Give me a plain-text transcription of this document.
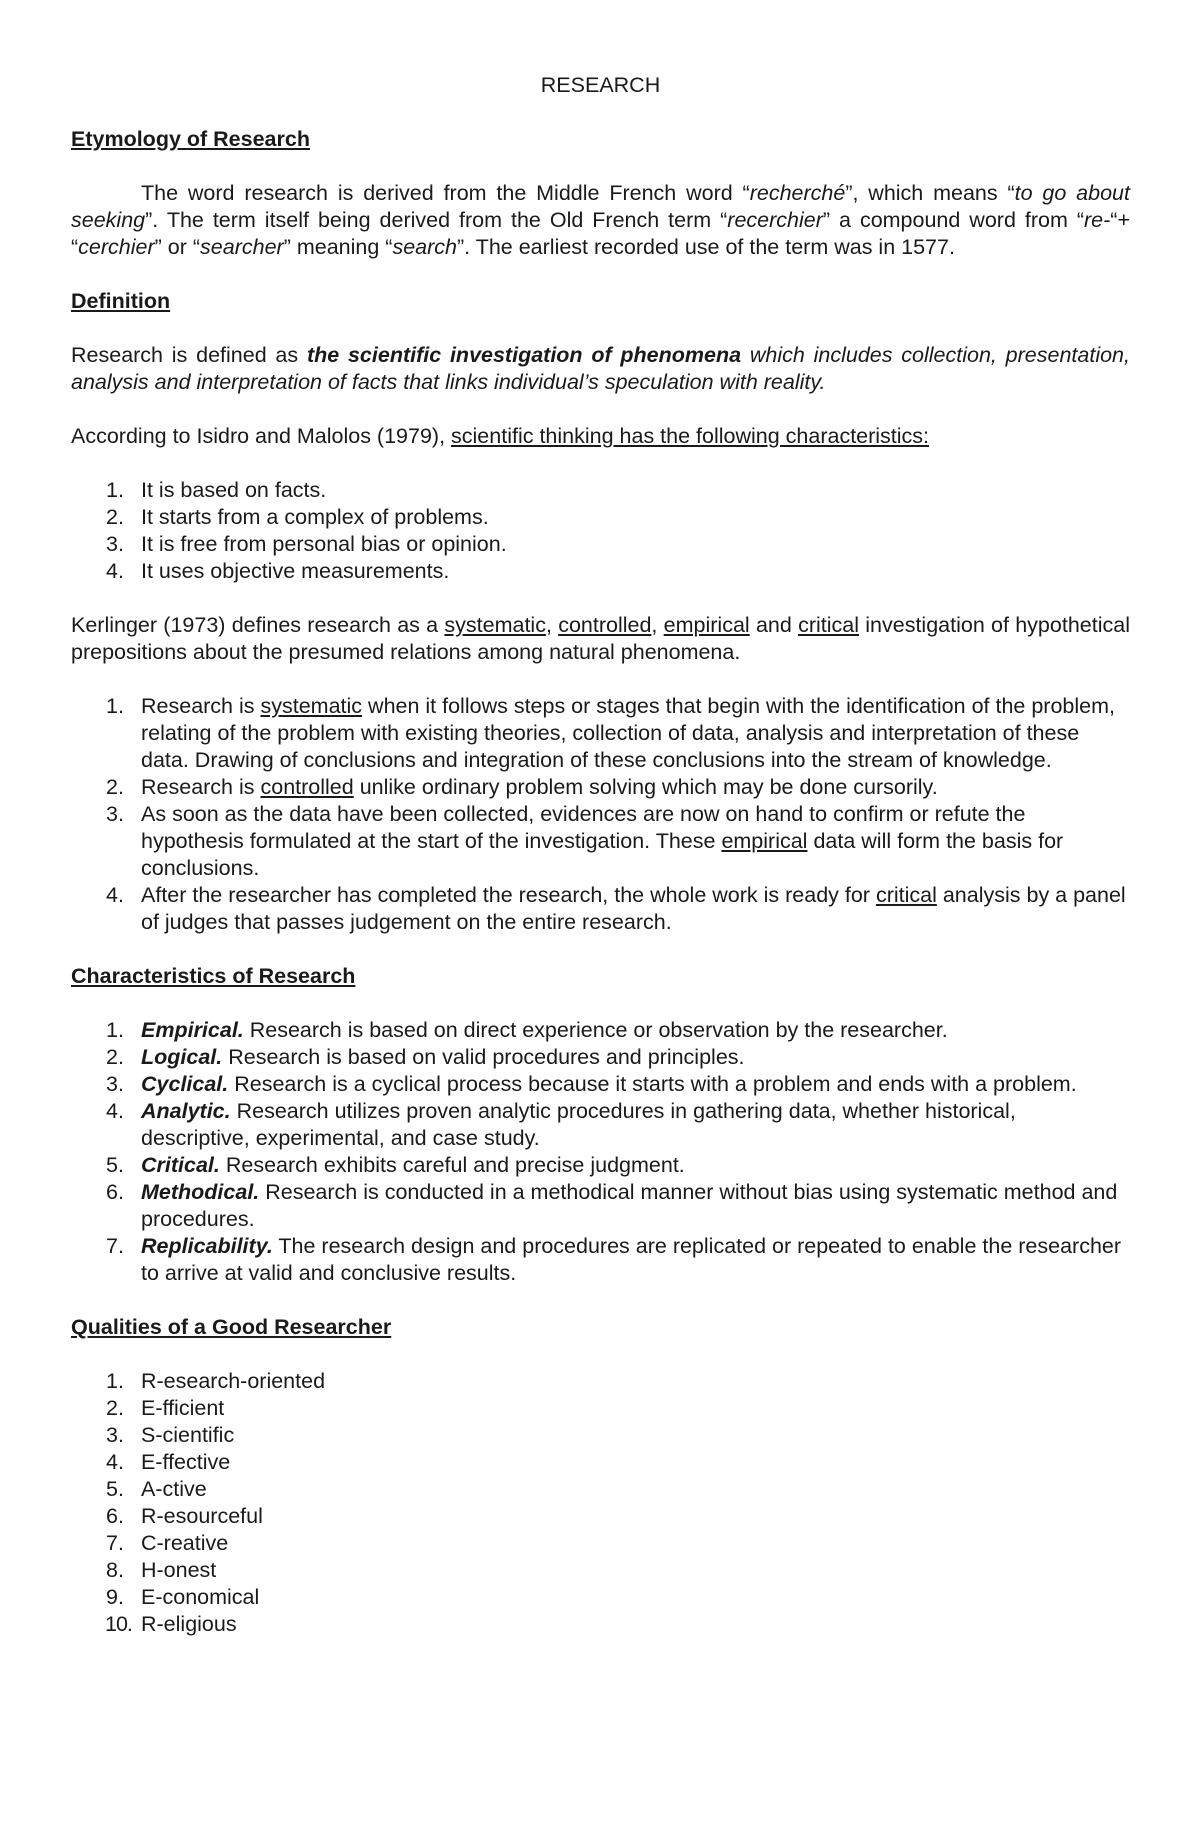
RESEARCH
Etymology of Research

The word research is derived from the Middle French word “recherché”, which means “to go about seeking”. The term itself being derived from the Old French term “recerchier” a compound word from “re-“+ “cerchier” or “searcher” meaning “search”. The earliest recorded use of the term was in 1577.

Definition

Research is defined as the scientific investigation of phenomena which includes collection, presentation, analysis and interpretation of facts that links individual’s speculation with reality.

According to Isidro and Malolos (1979), scientific thinking has the following characteristics:

1. It is based on facts.
2. It starts from a complex of problems.
3. It is free from personal bias or opinion.
4. It uses objective measurements.

Kerlinger (1973) defines research as a systematic, controlled, empirical and critical investigation of hypothetical prepositions about the presumed relations among natural phenomena.

1. Research is systematic when it follows steps or stages that begin with the identification of the problem, relating of the problem with existing theories, collection of data, analysis and interpretation of these data. Drawing of conclusions and integration of these conclusions into the stream of knowledge.
2. Research is controlled unlike ordinary problem solving which may be done cursorily.
3. As soon as the data have been collected, evidences are now on hand to confirm or refute the hypothesis formulated at the start of the investigation. These empirical data will form the basis for conclusions.
4. After the researcher has completed the research, the whole work is ready for critical analysis by a panel of judges that passes judgement on the entire research.
Characteristics of Research
1. Empirical. Research is based on direct experience or observation by the researcher.
2. Logical. Research is based on valid procedures and principles.
3. Cyclical. Research is a cyclical process because it starts with a problem and ends with a problem.
4. Analytic. Research utilizes proven analytic procedures in gathering data, whether historical, descriptive, experimental, and case study.
5. Critical. Research exhibits careful and precise judgment.
6. Methodical. Research is conducted in a methodical manner without bias using systematic method and procedures.
7. Replicability. The research design and procedures are replicated or repeated to enable the researcher to arrive at valid and conclusive results.
Qualities of a Good Researcher
1. R-esearch-oriented
2. E-fficient
3. S-cientific
4. E-ffective
5. A-ctive
6. R-esourceful
7. C-reative
8. H-onest
9. E-conomical
10. R-eligious
